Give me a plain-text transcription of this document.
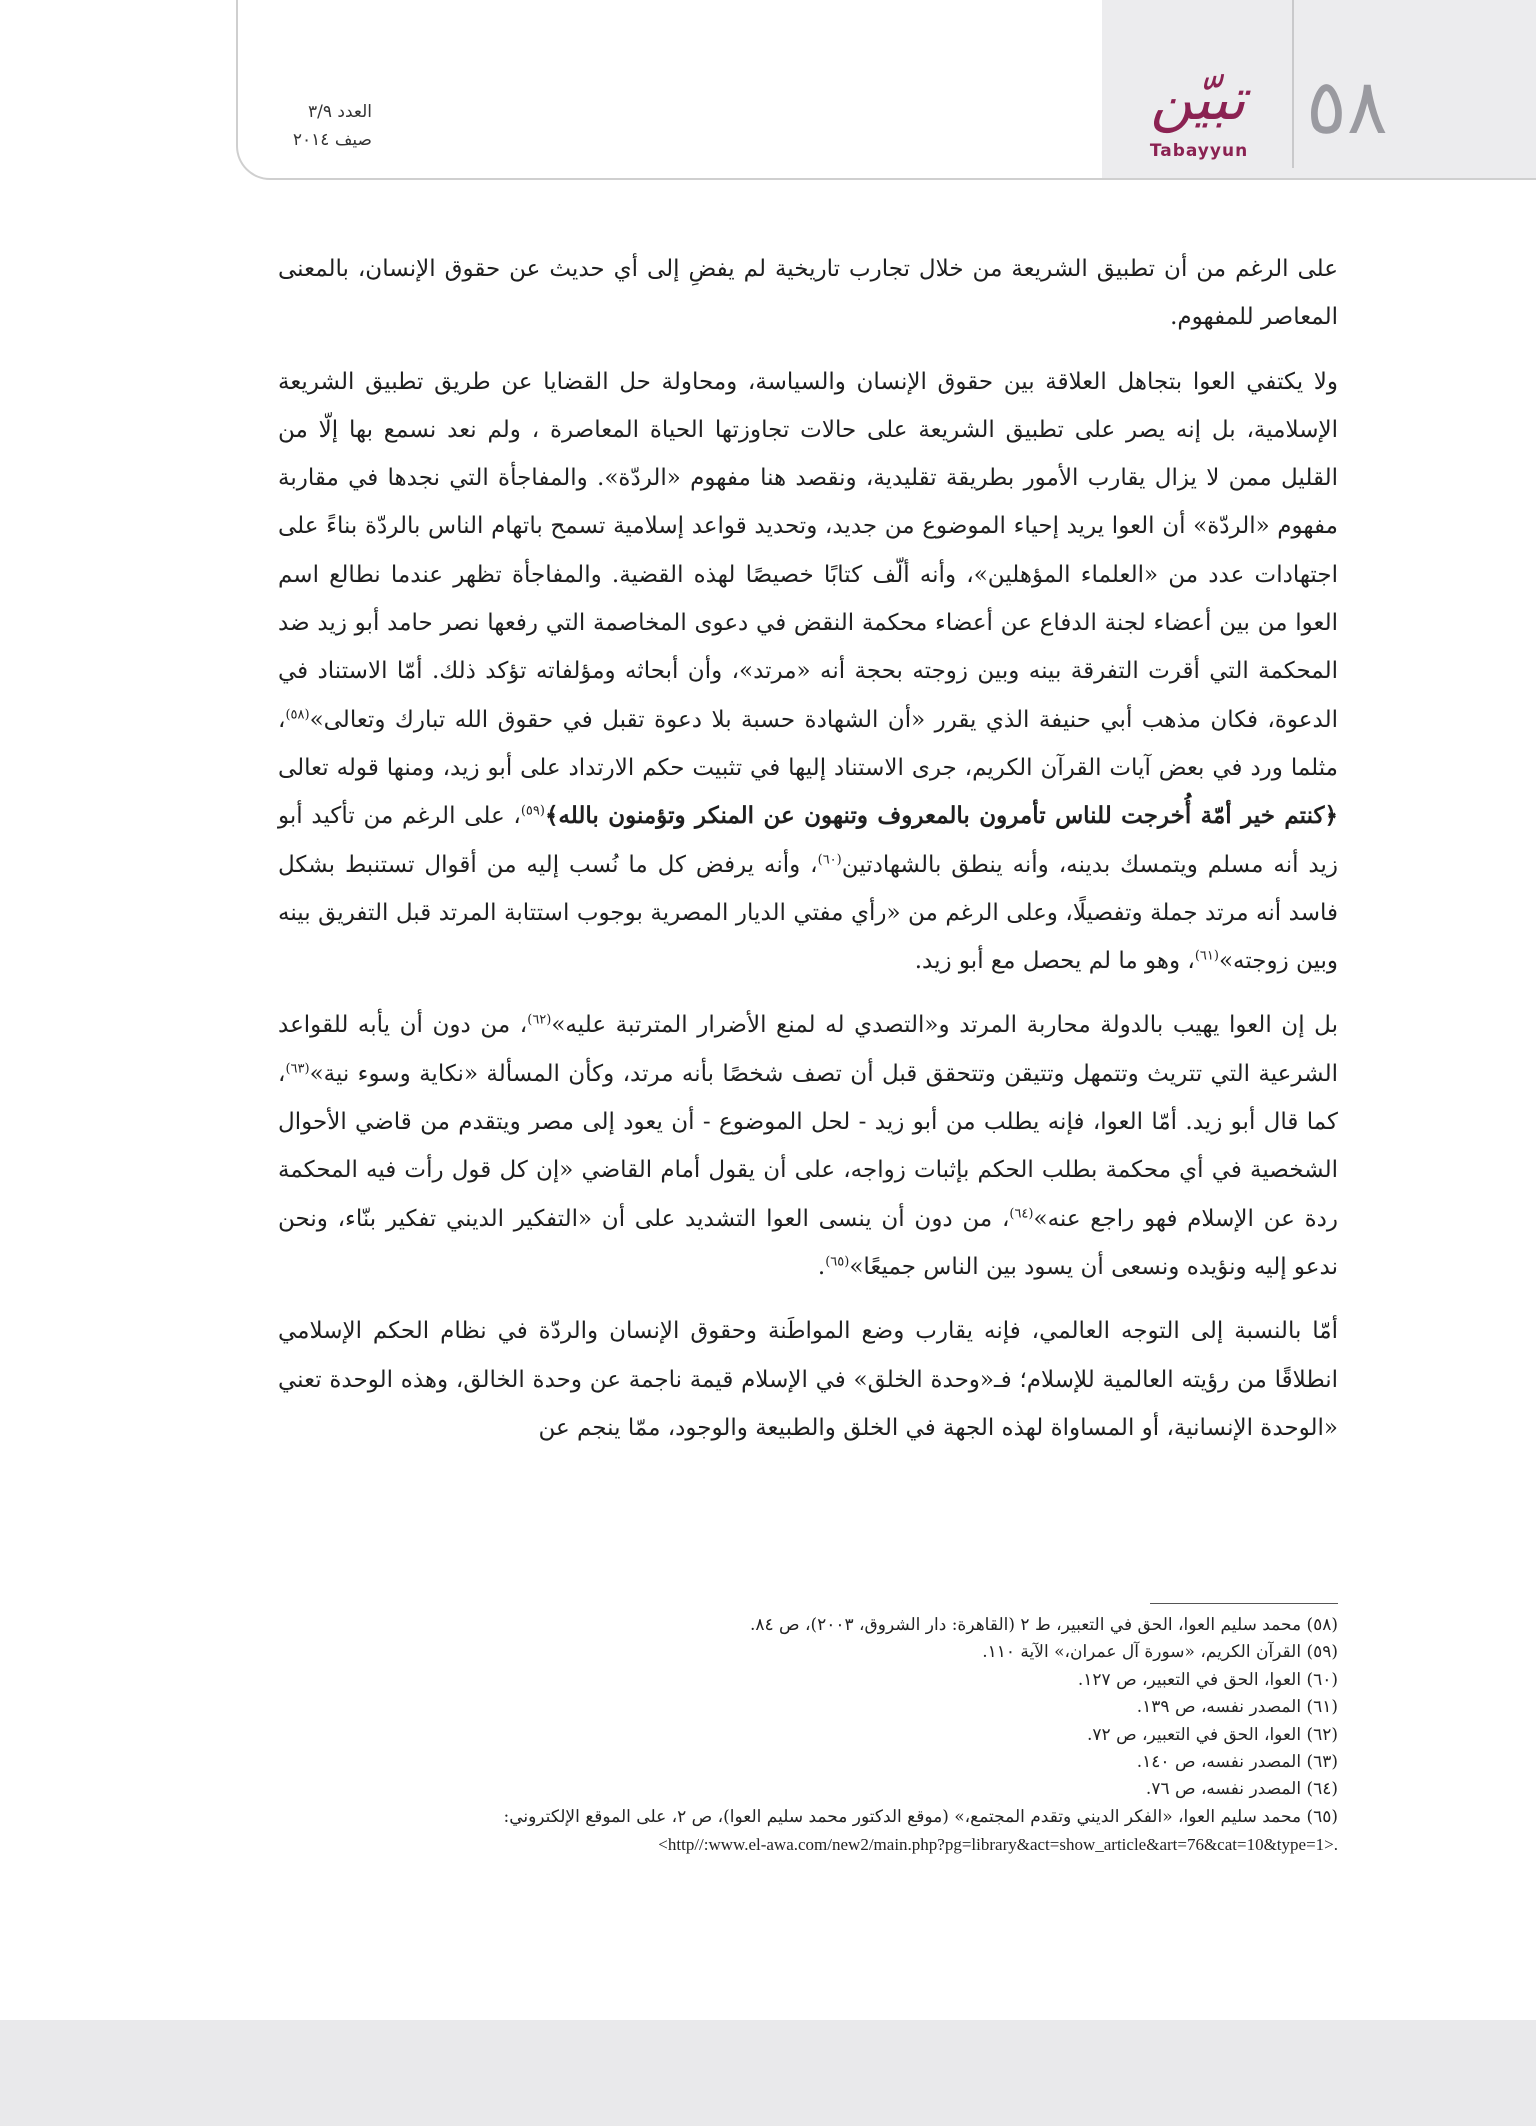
٥٨
تبيّن
Tabayyun
العدد ٣/٩
صيف ٢٠١٤

على الرغم من أن تطبيق الشريعة من خلال تجارب تاريخية لم يفضِ إلى أي حديث عن حقوق الإنسان، بالمعنى المعاصر للمفهوم.

ولا يكتفي العوا بتجاهل العلاقة بين حقوق الإنسان والسياسة، ومحاولة حل القضايا عن طريق تطبيق الشريعة الإسلامية، بل إنه يصر على تطبيق الشريعة على حالات تجاوزتها الحياة المعاصرة ، ولم نعد نسمع بها إلّا من القليل ممن لا يزال يقارب الأمور بطريقة تقليدية، ونقصد هنا مفهوم «الردّة». والمفاجأة التي نجدها في مقاربة مفهوم «الردّة» أن العوا يريد إحياء الموضوع من جديد، وتحديد قواعد إسلامية تسمح باتهام الناس بالردّة بناءً على اجتهادات عدد من «العلماء المؤهلين»، وأنه ألّف كتابًا خصيصًا لهذه القضية. والمفاجأة تظهر عندما نطالع اسم العوا من بين أعضاء لجنة الدفاع عن أعضاء محكمة النقض في دعوى المخاصمة التي رفعها نصر حامد أبو زيد ضد المحكمة التي أقرت التفرقة بينه وبين زوجته بحجة أنه «مرتد»، وأن أبحاثه ومؤلفاته تؤكد ذلك. أمّا الاستناد في الدعوة، فكان مذهب أبي حنيفة الذي يقرر «أن الشهادة حسبة بلا دعوة تقبل في حقوق الله تبارك وتعالى»$^{(٥٨)}$، مثلما ورد في بعض آيات القرآن الكريم، جرى الاستناد إليها في تثبيت حكم الارتداد على أبو زيد، ومنها قوله تعالى ﴿كنتم خير أمّة أُخرجت للناس تأمرون بالمعروف وتنهون عن المنكر وتؤمنون بالله﴾$^{(٥٩)}$، على الرغم من تأكيد أبو زيد أنه مسلم ويتمسك بدينه، وأنه ينطق بالشهادتين$^{(٦٠)}$، وأنه يرفض كل ما نُسب إليه من أقوال تستنبط بشكل فاسد أنه مرتد جملة وتفصيلًا، وعلى الرغم من «رأي مفتي الديار المصرية بوجوب استتابة المرتد قبل التفريق بينه وبين زوجته»$^{(٦١)}$، وهو ما لم يحصل مع أبو زيد.

بل إن العوا يهيب بالدولة محاربة المرتد و«التصدي له لمنع الأضرار المترتبة عليه»$^{(٦٢)}$، من دون أن يأبه للقواعد الشرعية التي تتريث وتتمهل وتتيقن وتتحقق قبل أن تصف شخصًا بأنه مرتد، وكأن المسألة «نكاية وسوء نية»$^{(٦٣)}$، كما قال أبو زيد. أمّا العوا، فإنه يطلب من أبو زيد - لحل الموضوع - أن يعود إلى مصر ويتقدم من قاضي الأحوال الشخصية في أي محكمة بطلب الحكم بإثبات زواجه، على أن يقول أمام القاضي «إن كل قول رأت فيه المحكمة ردة عن الإسلام فهو راجع عنه»$^{(٦٤)}$، من دون أن ينسى العوا التشديد على أن «التفكير الديني تفكير بنّاء، ونحن ندعو إليه ونؤيده ونسعى أن يسود بين الناس جميعًا»$^{(٦٥)}$.

أمّا بالنسبة إلى التوجه العالمي، فإنه يقارب وضع المواطَنة وحقوق الإنسان والردّة في نظام الحكم الإسلامي انطلاقًا من رؤيته العالمية للإسلام؛ فـ«وحدة الخلق» في الإسلام قيمة ناجمة عن وحدة الخالق، وهذه الوحدة تعني «الوحدة الإنسانية، أو المساواة لهذه الجهة في الخلق والطبيعة والوجود، ممّا ينجم عن

(٥٨) محمد سليم العوا، الحق في التعبير، ط ٢ (القاهرة: دار الشروق، ٢٠٠٣)، ص ٨٤.
(٥٩) القرآن الكريم، «سورة آل عمران،» الآية ١١٠.
(٦٠) العوا، الحق في التعبير، ص ١٢٧.
(٦١) المصدر نفسه، ص ١٣٩.
(٦٢) العوا، الحق في التعبير، ص ٧٢.
(٦٣) المصدر نفسه، ص ١٤٠.
(٦٤) المصدر نفسه، ص ٧٦.
(٦٥) محمد سليم العوا، «الفكر الديني وتقدم المجتمع،» (موقع الدكتور محمد سليم العوا)، ص ٢، على الموقع الإلكتروني:
<http//:www.el-awa.com/new2/main.php?pg=library&act=show_article&art=76&cat=10&type=1>.
